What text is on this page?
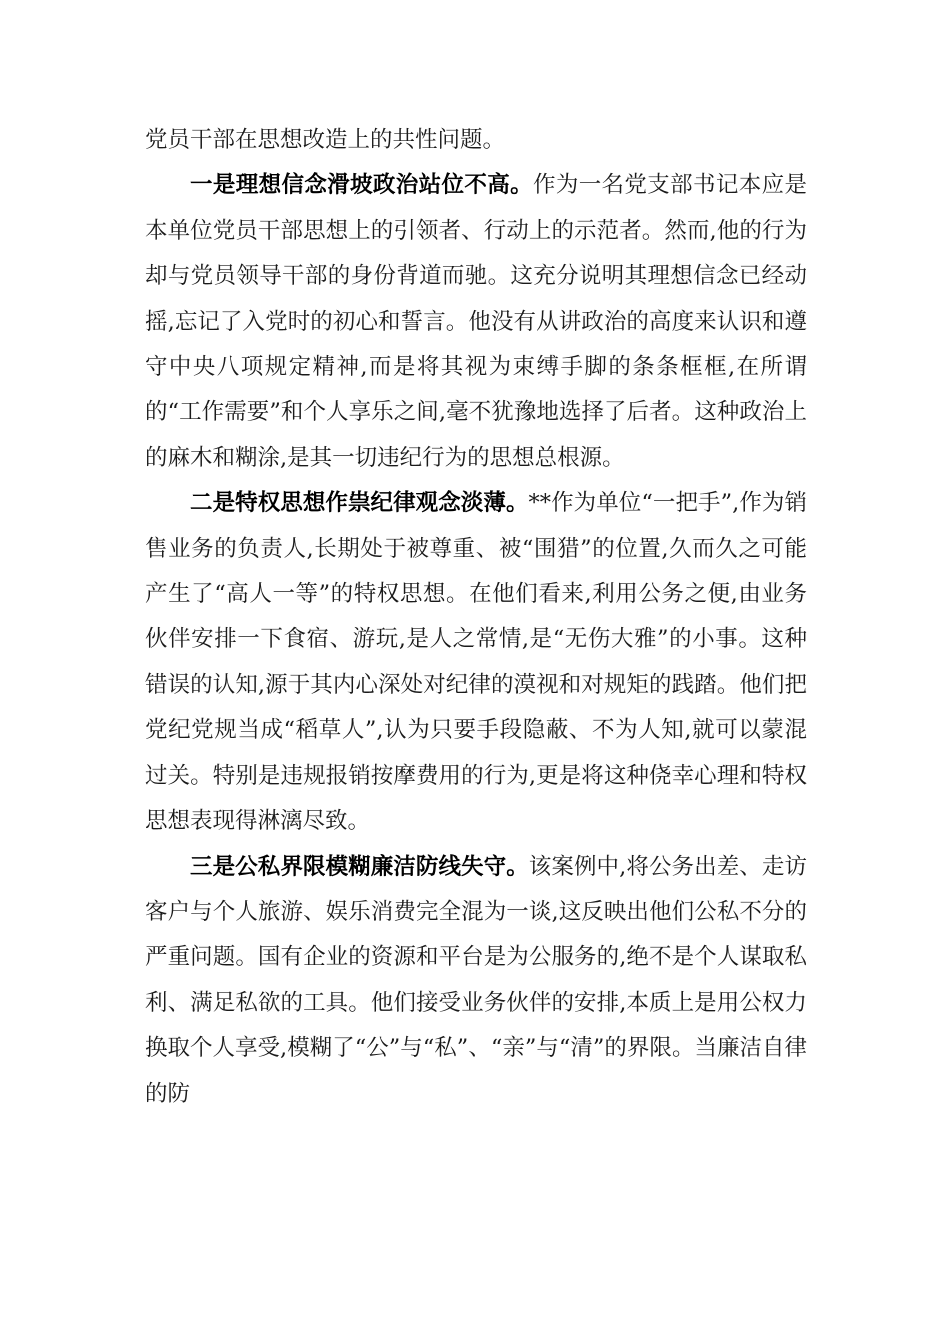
党员干部在思想改造上的共性问题。

一是理想信念滑坡政治站位不高。作为一名党支部书记本应是本单位党员干部思想上的引领者、行动上的示范者。然而,他的行为却与党员领导干部的身份背道而驰。这充分说明其理想信念已经动摇,忘记了入党时的初心和誓言。他没有从讲政治的高度来认识和遵守中央八项规定精神,而是将其视为束缚手脚的条条框框,在所谓的“工作需要”和个人享乐之间,毫不犹豫地选择了后者。这种政治上的麻木和糊涂,是其一切违纪行为的思想总根源。

二是特权思想作祟纪律观念淡薄。**作为单位“一把手”,作为销售业务的负责人,长期处于被尊重、被“围猎”的位置,久而久之可能产生了“高人一等”的特权思想。在他们看来,利用公务之便,由业务伙伴安排一下食宿、游玩,是人之常情,是“无伤大雅”的小事。这种错误的认知,源于其内心深处对纪律的漠视和对规矩的践踏。他们把党纪党规当成“稻草人”,认为只要手段隐蔽、不为人知,就可以蒙混过关。特别是违规报销按摩费用的行为,更是将这种侥幸心理和特权思想表现得淋漓尽致。

三是公私界限模糊廉洁防线失守。该案例中,将公务出差、走访客户与个人旅游、娱乐消费完全混为一谈,这反映出他们公私不分的严重问题。国有企业的资源和平台是为公服务的,绝不是个人谋取私利、满足私欲的工具。他们接受业务伙伴的安排,本质上是用公权力换取个人享受,模糊了“公”与“私”、“亲”与“清”的界限。当廉洁自律的防
